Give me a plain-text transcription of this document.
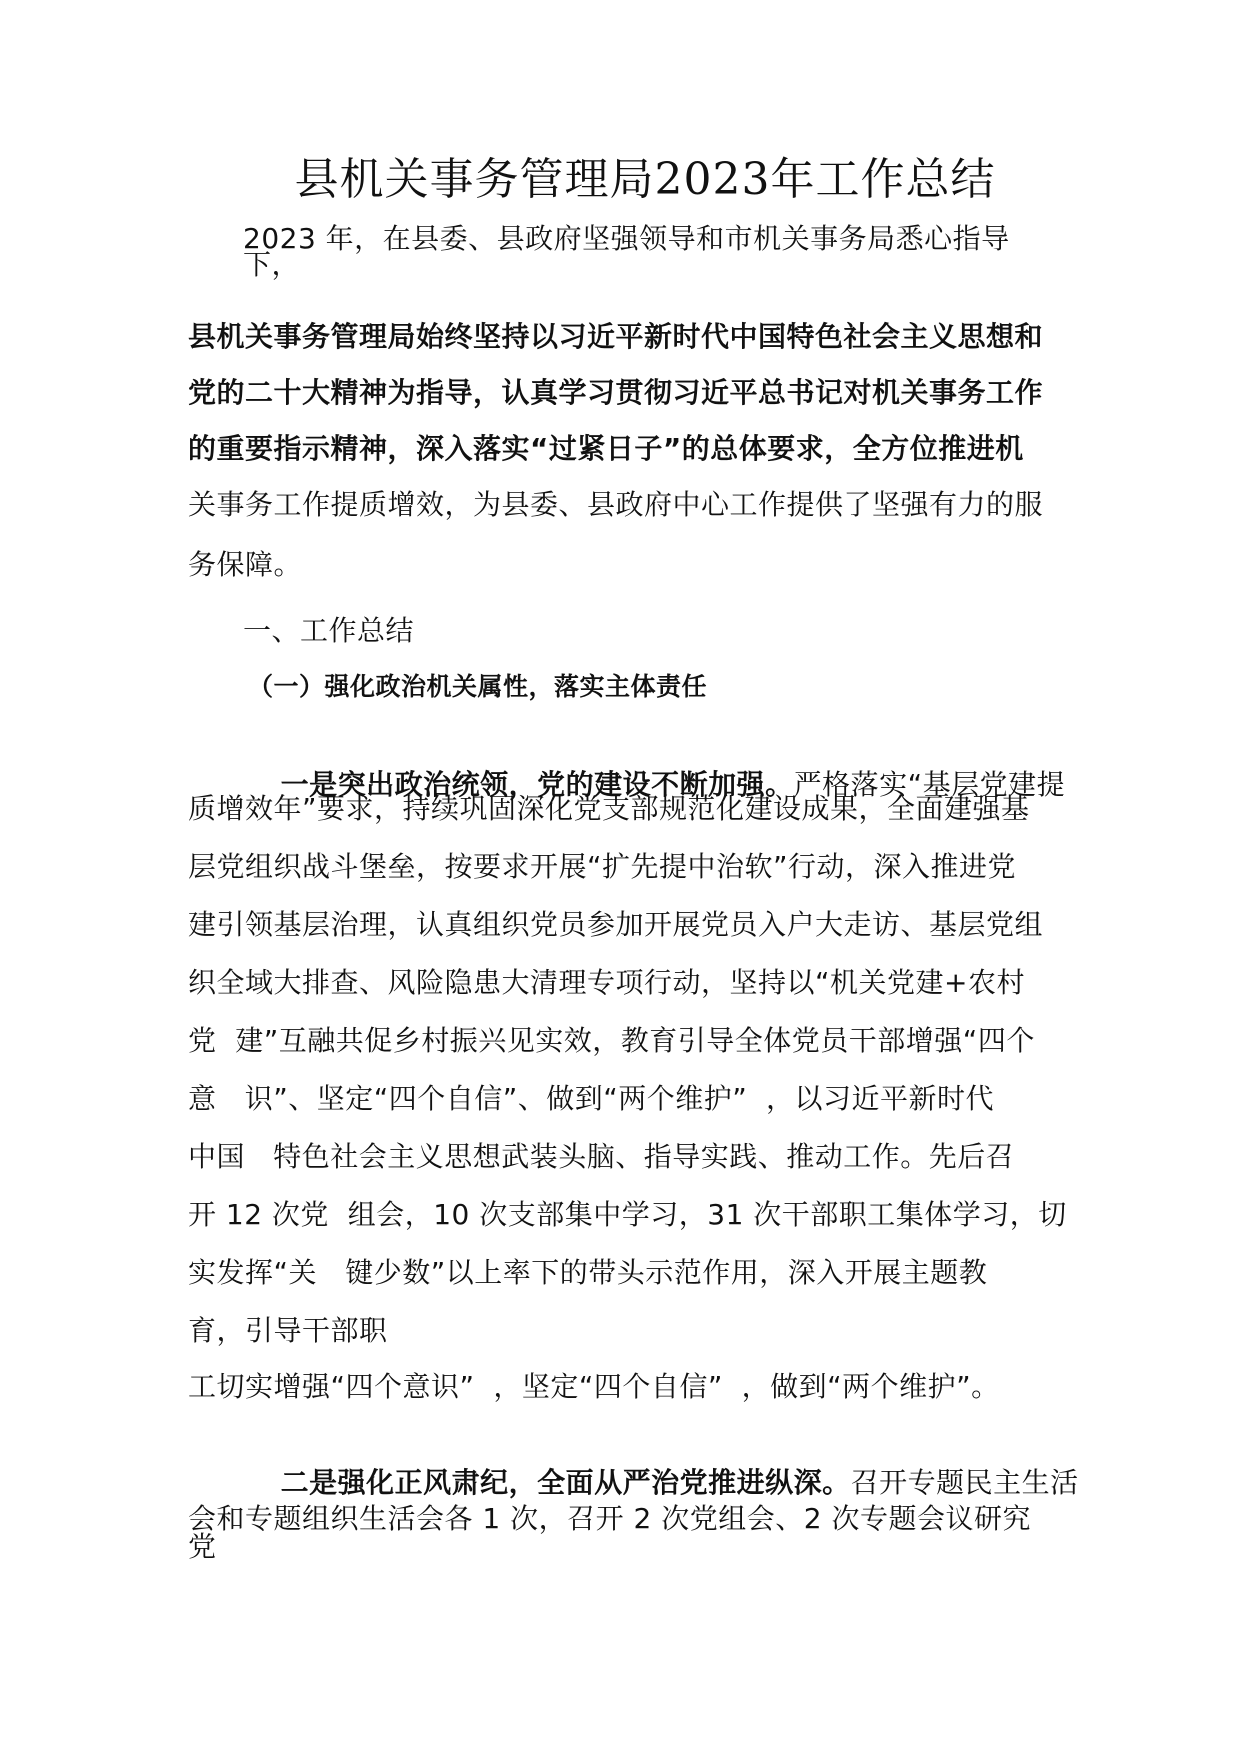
县机关事务管理局2023年工作总结
2023 年，在县委、县政府坚强领导和市机关事务局悉心指导
下，
县机关事务管理局始终坚持以习近平新时代中国特色社会主义思想和
党的二十大精神为指导，认真学习贯彻习近平总书记对机关事务工作
的重要指示精神，深入落实“过紧日子”的总体要求，全方位推进机
关事务工作提质增效，为县委、县政府中心工作提供了坚强有力的服
务保障。
一、工作总结
（一）强化政治机关属性，落实主体责任

一是突出政治统领，党的建设不断加强。严格落实“基层党建提

质增效年”要求，持续巩固深化党支部规范化建设成果，全面建强基
层党组织战斗堡垒，按要求开展“扩先提中治软”行动，深入推进党
建引领基层治理，认真组织党员参加开展党员入户大走访、基层党组
织全域大排查、风险隐患大清理专项行动，坚持以“机关党建+农村
党  建”互融共促乡村振兴见实效，教育引导全体党员干部增强“四个
意   识”、坚定“四个自信”、做到“两个维护”  ，以习近平新时代
中国   特色社会主义思想武装头脑、指导实践、推动工作。先后召
开 12 次党  组会，10 次支部集中学习，31 次干部职工集体学习，切
实发挥“关   键少数”以上率下的带头示范作用，深入开展主题教
育，引导干部职
工切实增强“四个意识”  ，坚定“四个自信”  ，做到“两个维护”。

二是强化正风肃纪，全面从严治党推进纵深。召开专题民主生活

会和专题组织生活会各 1 次，召开 2 次党组会、2 次专题会议研究
党
